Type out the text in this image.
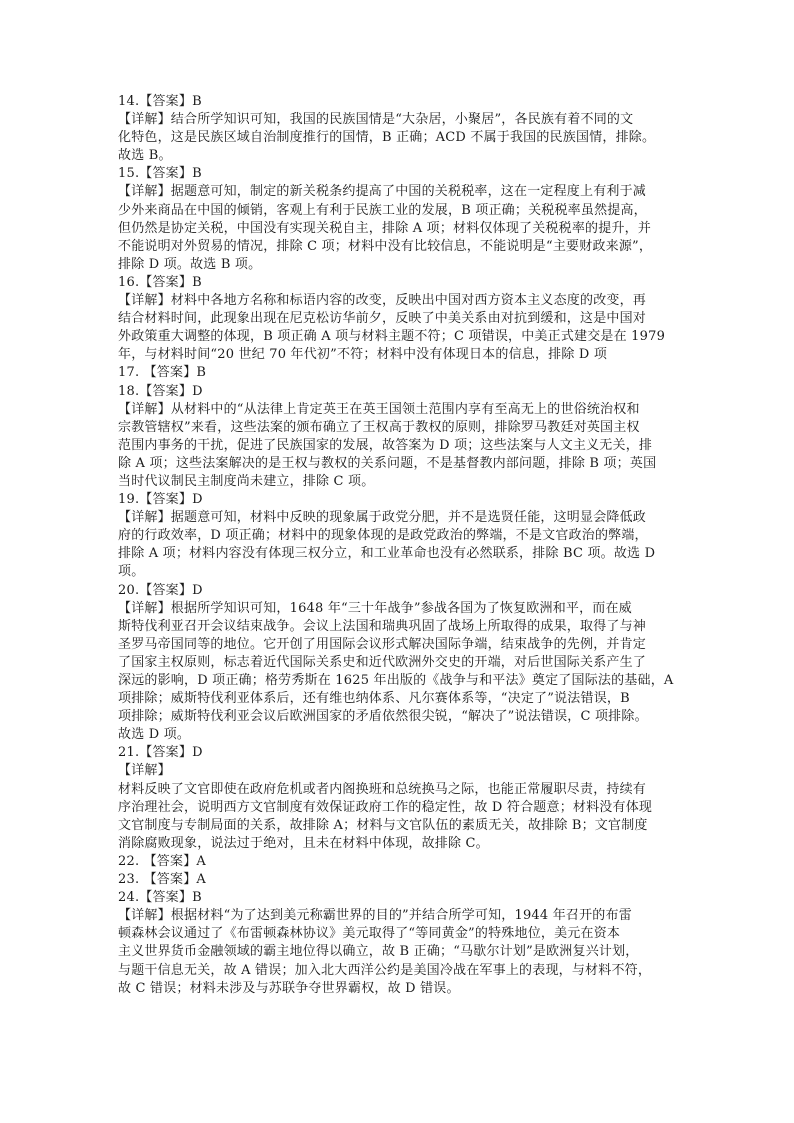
14.【答案】B
【详解】结合所学知识可知，我国的民族国情是“大杂居，小聚居”，各民族有着不同的文
化特色，这是民族区域自治制度推行的国情，B 正确；ACD 不属于我国的民族国情，排除。
故选 B。
15.【答案】B
【详解】据题意可知，制定的新关税条约提高了中国的关税税率，这在一定程度上有利于减
少外来商品在中国的倾销，客观上有利于民族工业的发展，B 项正确；关税税率虽然提高，
但仍然是协定关税，中国没有实现关税自主，排除 A 项；材料仅体现了关税税率的提升，并
不能说明对外贸易的情况，排除 C 项；材料中没有比较信息，不能说明是“主要财政来源”，
排除 D 项。故选 B 项。
16.【答案】B
【详解】材料中各地方名称和标语内容的改变，反映出中国对西方资本主义态度的改变，再
结合材料时间，此现象出现在尼克松访华前夕，反映了中美关系由对抗到缓和，这是中国对
外政策重大调整的体现，B 项正确 A 项与材料主题不符；C 项错误，中美正式建交是在 1979
年，与材料时间“20 世纪 70 年代初”不符；材料中没有体现日本的信息，排除 D 项
17. 【答案】B
18.【答案】D
【详解】从材料中的“从法律上肯定英王在英王国领土范围内享有至高无上的世俗统治权和
宗教管辖权”来看，这些法案的颁布确立了王权高于教权的原则，排除罗马教廷对英国主权
范围内事务的干扰，促进了民族国家的发展，故答案为 D 项；这些法案与人文主义无关，排
除 A 项；这些法案解决的是王权与教权的关系问题，不是基督教内部问题，排除 B 项；英国
当时代议制民主制度尚未建立，排除 C 项。
19.【答案】D
【详解】据题意可知，材料中反映的现象属于政党分肥，并不是选贤任能，这明显会降低政
府的行政效率，D 项正确；材料中的现象体现的是政党政治的弊端，不是文官政治的弊端，
排除 A 项；材料内容没有体现三权分立，和工业革命也没有必然联系，排除 BC 项。故选 D
项。
20.【答案】D
【详解】根据所学知识可知，1648 年“三十年战争”参战各国为了恢复欧洲和平，而在威
斯特伐利亚召开会议结束战争。会议上法国和瑞典巩固了战场上所取得的成果，取得了与神
圣罗马帝国同等的地位。它开创了用国际会议形式解决国际争端，结束战争的先例，并肯定
了国家主权原则，标志着近代国际关系史和近代欧洲外交史的开端，对后世国际关系产生了
深远的影响，D 项正确；格劳秀斯在 1625 年出版的《战争与和平法》奠定了国际法的基础，A
项排除；威斯特伐利亚体系后，还有维也纳体系、凡尔赛体系等，“决定了”说法错误，B
项排除；威斯特伐利亚会议后欧洲国家的矛盾依然很尖锐，“解决了”说法错误，C 项排除。
故选 D 项。
21.【答案】D
【详解】
材料反映了文官即使在政府危机或者内阁换班和总统换马之际，也能正常履职尽责，持续有
序治理社会，说明西方文官制度有效保证政府工作的稳定性，故 D 符合题意；材料没有体现
文官制度与专制局面的关系，故排除 A；材料与文官队伍的素质无关，故排除 B；文官制度
消除腐败现象，说法过于绝对，且未在材料中体现，故排除 C。
22. 【答案】A
23. 【答案】A
24.【答案】B
【详解】根据材料“为了达到美元称霸世界的目的”并结合所学可知，1944 年召开的布雷
顿森林会议通过了《布雷顿森林协议》美元取得了“等同黄金”的特殊地位，美元在资本
主义世界货币金融领域的霸主地位得以确立，故 B 正确；“马歇尔计划”是欧洲复兴计划，
与题干信息无关，故 A 错误；加入北大西洋公约是美国冷战在军事上的表现，与材料不符，
故 C 错误；材料未涉及与苏联争夺世界霸权，故 D 错误。
